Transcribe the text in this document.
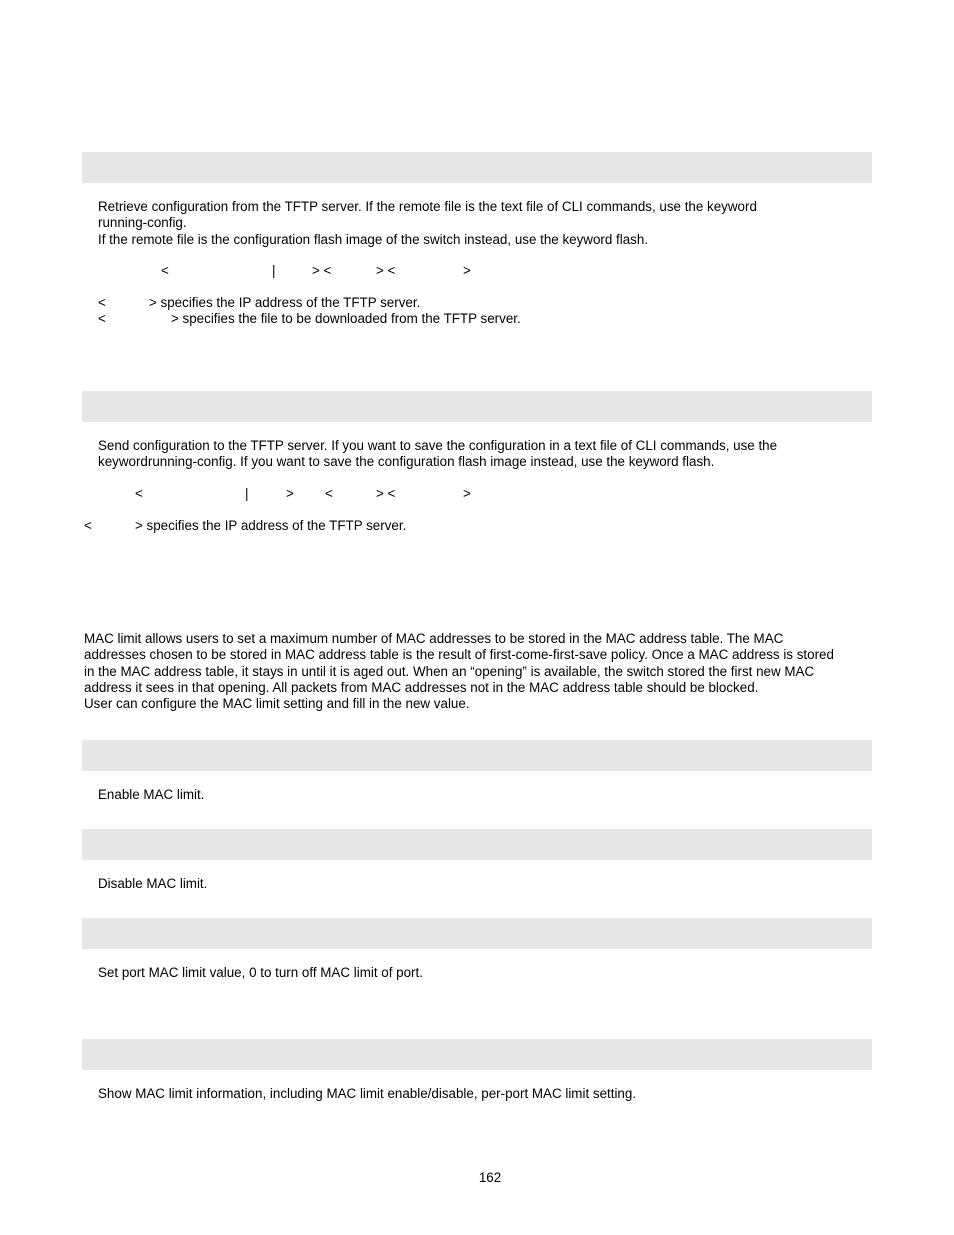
Retrieve configuration from the TFTP server. If the remote file is the text file of CLI commands, use the keyword
running-config.
If the remote file is the configuration flash image of the switch instead, use the keyword flash.
<	|	> <	> <	>
<	> specifies the IP address of the TFTP server.
<	> specifies the file to be downloaded from the TFTP server.
Send configuration to the TFTP server. If you want to save the configuration in a text file of CLI commands, use the
keywordrunning-config. If you want to save the configuration flash image instead, use the keyword flash.
<	|	> <	> <	>
<	> specifies the IP address of the TFTP server.
MAC limit allows users to set a maximum number of MAC addresses to be stored in the MAC address table. The MAC
addresses chosen to be stored in MAC address table is the result of first-come-first-save policy. Once a MAC address is stored
in the MAC address table, it stays in until it is aged out. When an “opening” is available, the switch stored the first new MAC
address it sees in that opening. All packets from MAC addresses not in the MAC address table should be blocked.
User can configure the MAC limit setting and fill in the new value.
Enable MAC limit.
Disable MAC limit.
Set port MAC limit value, 0 to turn off MAC limit of port.
Show MAC limit information, including MAC limit enable/disable, per-port MAC limit setting.
162
